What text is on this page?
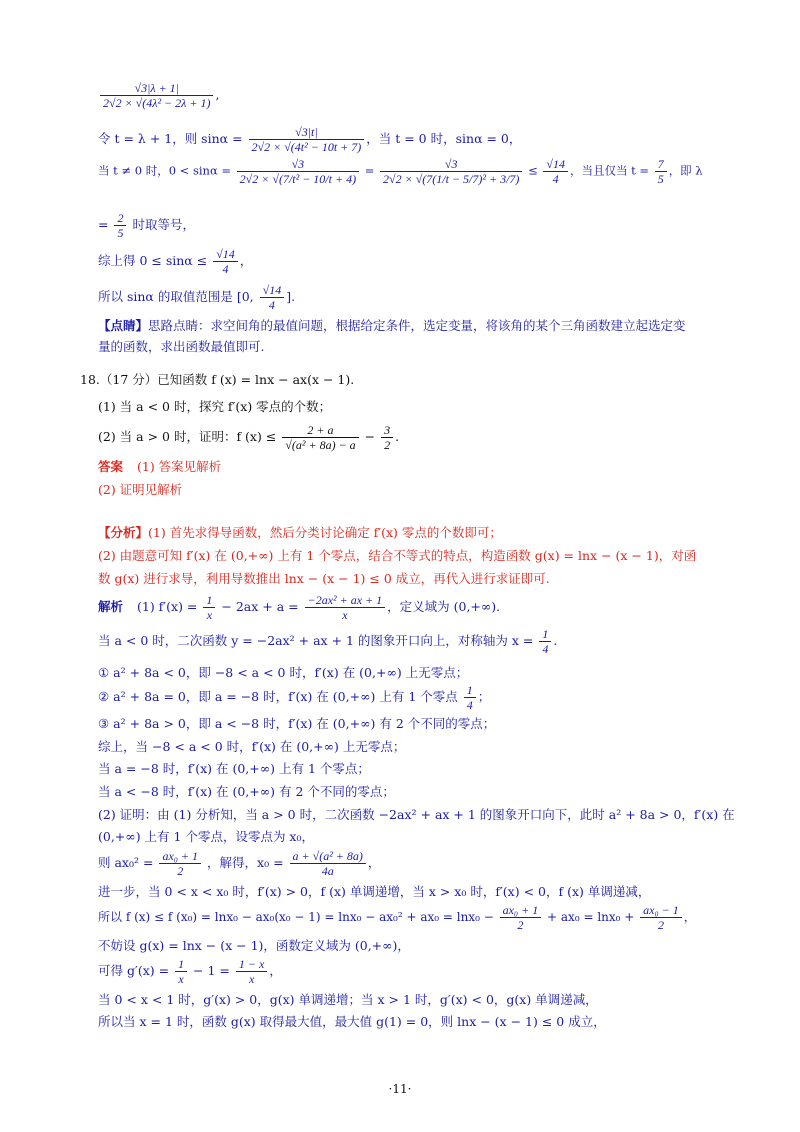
$\frac{√3|\lambda + 1|}{\text{2√2 × √(4λ² − 2λ + 1)}}$ ,
令 t = λ + 1，则 $\sin\alpha = \frac{√3|t|}{\text{2√2 × √(4t² − 10t + 7)}}$ ，当 t = 0 时，sinα = 0，
当 t ≠ 0 时，$0 < \sin\alpha = \frac{√3}{\text{2√2 × √(7/t² − 10/t + 4)}} = \frac{√3}{\text{2√2 × √(7(1/t − 5/7)² + 3/7)}} \le \frac{√14}{4}$ ，当且仅当 $t = \frac{7}{5}$ ，即 λ
= $\frac{2}{5}$ 时取等号，
综上得 $0 \le \sin\alpha \le \frac{√14}{4}$ ，
所以 sinα 的取值范围是 [0, $\frac{√14}{4}$ ].
【点睛】思路点睛：求空间角的最值问题，根据给定条件，选定变量，将该角的某个三角函数建立起选定变
量的函数，求出函数最值即可.
18.（17 分）已知函数 f (x) = lnx − ax(x − 1).
(1) 当 a < 0 时，探究 f′(x) 零点的个数；
(2) 当 a > 0 时，证明：f $(x) \le \frac{2 + a}{\text{√(a² + 8a) − a}} - \frac{3}{2}$ .
答案 (1) 答案见解析
(2) 证明见解析
【分析】(1) 首先求得导函数，然后分类讨论确定 f′(x) 零点的个数即可；
(2) 由题意可知 f′(x) 在 (0,+∞) 上有 1 个零点，结合不等式的特点，构造函数 g(x) = lnx − (x − 1)，对函
数 g(x) 进行求导，利用导数推出 lnx − (x − 1) ≤ 0 成立，再代入进行求证即可.
解析 (1) $f'(x) = \frac{1}{x} - 2ax + a = \frac{\text{−2ax² + ax + 1}}{x}$ ，定义域为 (0,+∞).
当 a < 0 时，二次函数 y = −2ax² + ax + 1 的图象开口向上，对称轴为 $x = \frac{1}{4}$ .
① a² + 8a < 0，即 −8 < a < 0 时，f′(x) 在 (0,+∞) 上无零点；
② a² + 8a = 0，即 a = −8 时，f′(x) 在 (0,+∞) 上有 1 个零点 $\frac{1}{4}$ ；
③ a² + 8a > 0，即 a < −8 时，f′(x) 在 (0,+∞) 有 2 个不同的零点；
综上，当 −8 < a < 0 时，f′(x) 在 (0,+∞) 上无零点；
当 a = −8 时，f′(x) 在 (0,+∞) 上有 1 个零点；
当 a < −8 时，f′(x) 在 (0,+∞) 有 2 个不同的零点；
(2) 证明：由 (1) 分析知，当 a > 0 时，二次函数 −2ax² + ax + 1 的图象开口向下，此时 a² + 8a > 0，f′(x) 在
(0,+∞) 上有 1 个零点，设零点为 x₀，
则 $ax_0^2 = \frac{\text{ax₀ + 1}}{2}$ ，解得，$x_0 = \frac{\text{a + √(a² + 8a)}}{4a}$ ，
进一步，当 0 < x < x₀ 时，f′(x) > 0，f (x) 单调递增，当 x > x₀ 时，f′(x) < 0，f (x) 单调递减，
所以 f (x) ≤ f $(x_0) = \ln x_0 - ax_0(x_0 - 1) = \ln x_0 - ax_0^2 + ax_0 = \ln x_0 - \frac{\text{ax₀ + 1}}{2} + ax_0 = \ln x_0 + \frac{\text{ax₀ − 1}}{2}$ ，
不妨设 g(x) = lnx − (x − 1)，函数定义域为 (0,+∞)，
可得 $g'(x) = \frac{1}{x} - 1 = \frac{1 - x}{x}$ ，
当 0 < x < 1 时，g′(x) > 0，g(x) 单调递增；当 x > 1 时，g′(x) < 0，g(x) 单调递减，
所以当 x = 1 时，函数 g(x) 取得最大值，最大值 g(1) = 0，则 lnx − (x − 1) ≤ 0 成立，
·11·
